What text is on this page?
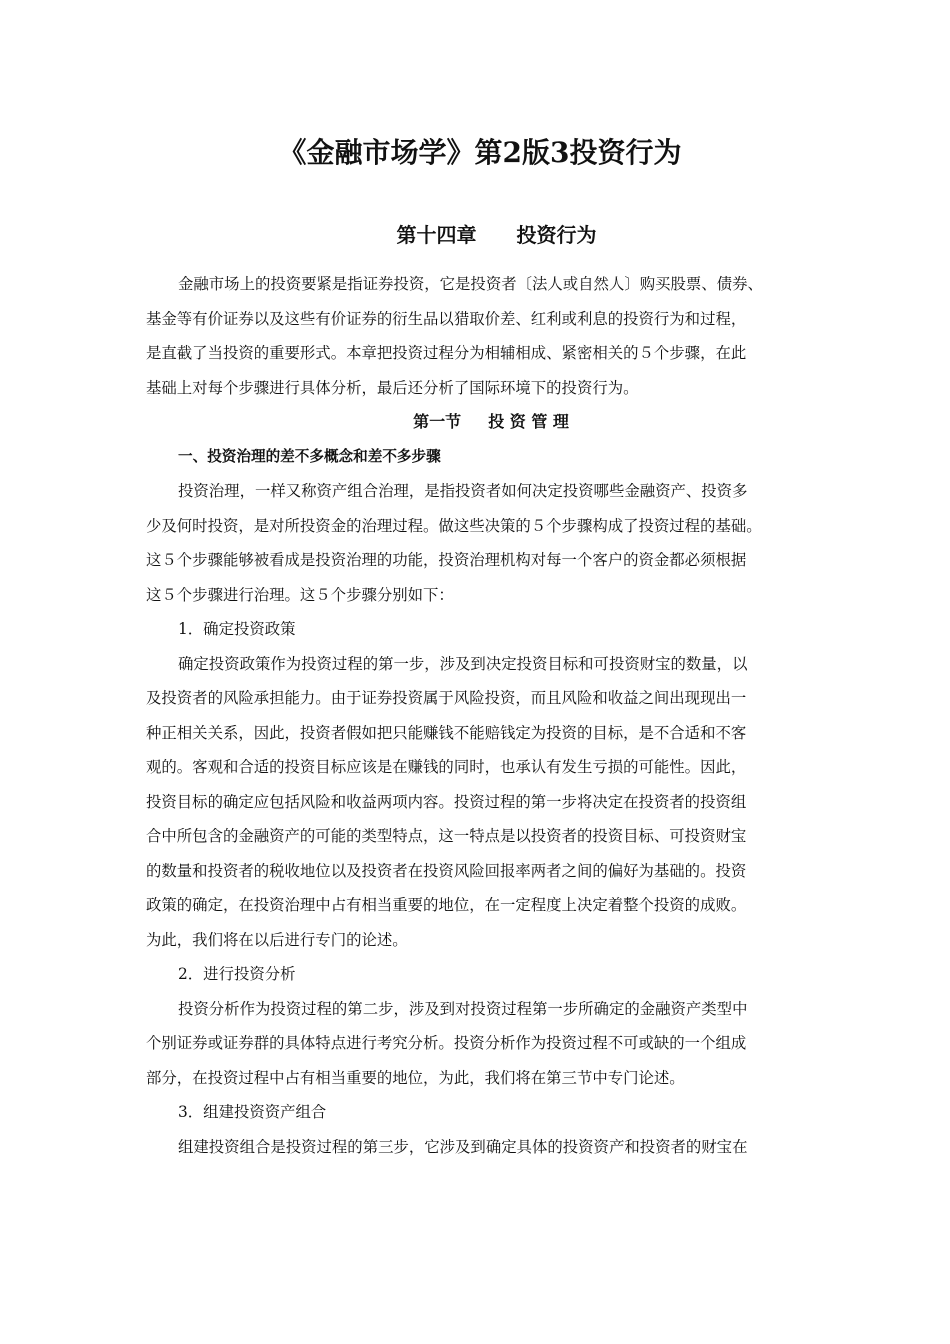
《金融市场学》第2版3投资行为
第十四章　　投资行为
金融市场上的投资要紧是指证券投资，它是投资者〔法人或自然人〕购买股票、债券、
基金等有价证券以及这些有价证券的衍生品以猎取价差、红利或利息的投资行为和过程，
是直截了当投资的重要形式。本章把投资过程分为相辅相成、紧密相关的５个步骤，在此
基础上对每个步骤进行具体分析，最后还分析了国际环境下的投资行为。
第一节　  投 资 管 理
一、投资治理的差不多概念和差不多步骤
投资治理，一样又称资产组合治理，是指投资者如何决定投资哪些金融资产、投资多
少及何时投资，是对所投资金的治理过程。做这些决策的５个步骤构成了投资过程的基础。
这５个步骤能够被看成是投资治理的功能，投资治理机构对每一个客户的资金都必须根据
这５个步骤进行治理。这５个步骤分别如下：
1．确定投资政策
确定投资政策作为投资过程的第一步，涉及到决定投资目标和可投资财宝的数量，以
及投资者的风险承担能力。由于证券投资属于风险投资，而且风险和收益之间出现现出一
种正相关关系，因此，投资者假如把只能赚钱不能赔钱定为投资的目标，是不合适和不客
观的。客观和合适的投资目标应该是在赚钱的同时，也承认有发生亏损的可能性。因此，
投资目标的确定应包括风险和收益两项内容。投资过程的第一步将决定在投资者的投资组
合中所包含的金融资产的可能的类型特点，这一特点是以投资者的投资目标、可投资财宝
的数量和投资者的税收地位以及投资者在投资风险回报率两者之间的偏好为基础的。投资
政策的确定，在投资治理中占有相当重要的地位，在一定程度上决定着整个投资的成败。
为此，我们将在以后进行专门的论述。
2．进行投资分析
投资分析作为投资过程的第二步，涉及到对投资过程第一步所确定的金融资产类型中
个别证券或证券群的具体特点进行考究分析。投资分析作为投资过程不可或缺的一个组成
部分，在投资过程中占有相当重要的地位，为此，我们将在第三节中专门论述。
3．组建投资资产组合
组建投资组合是投资过程的第三步，它涉及到确定具体的投资资产和投资者的财宝在
